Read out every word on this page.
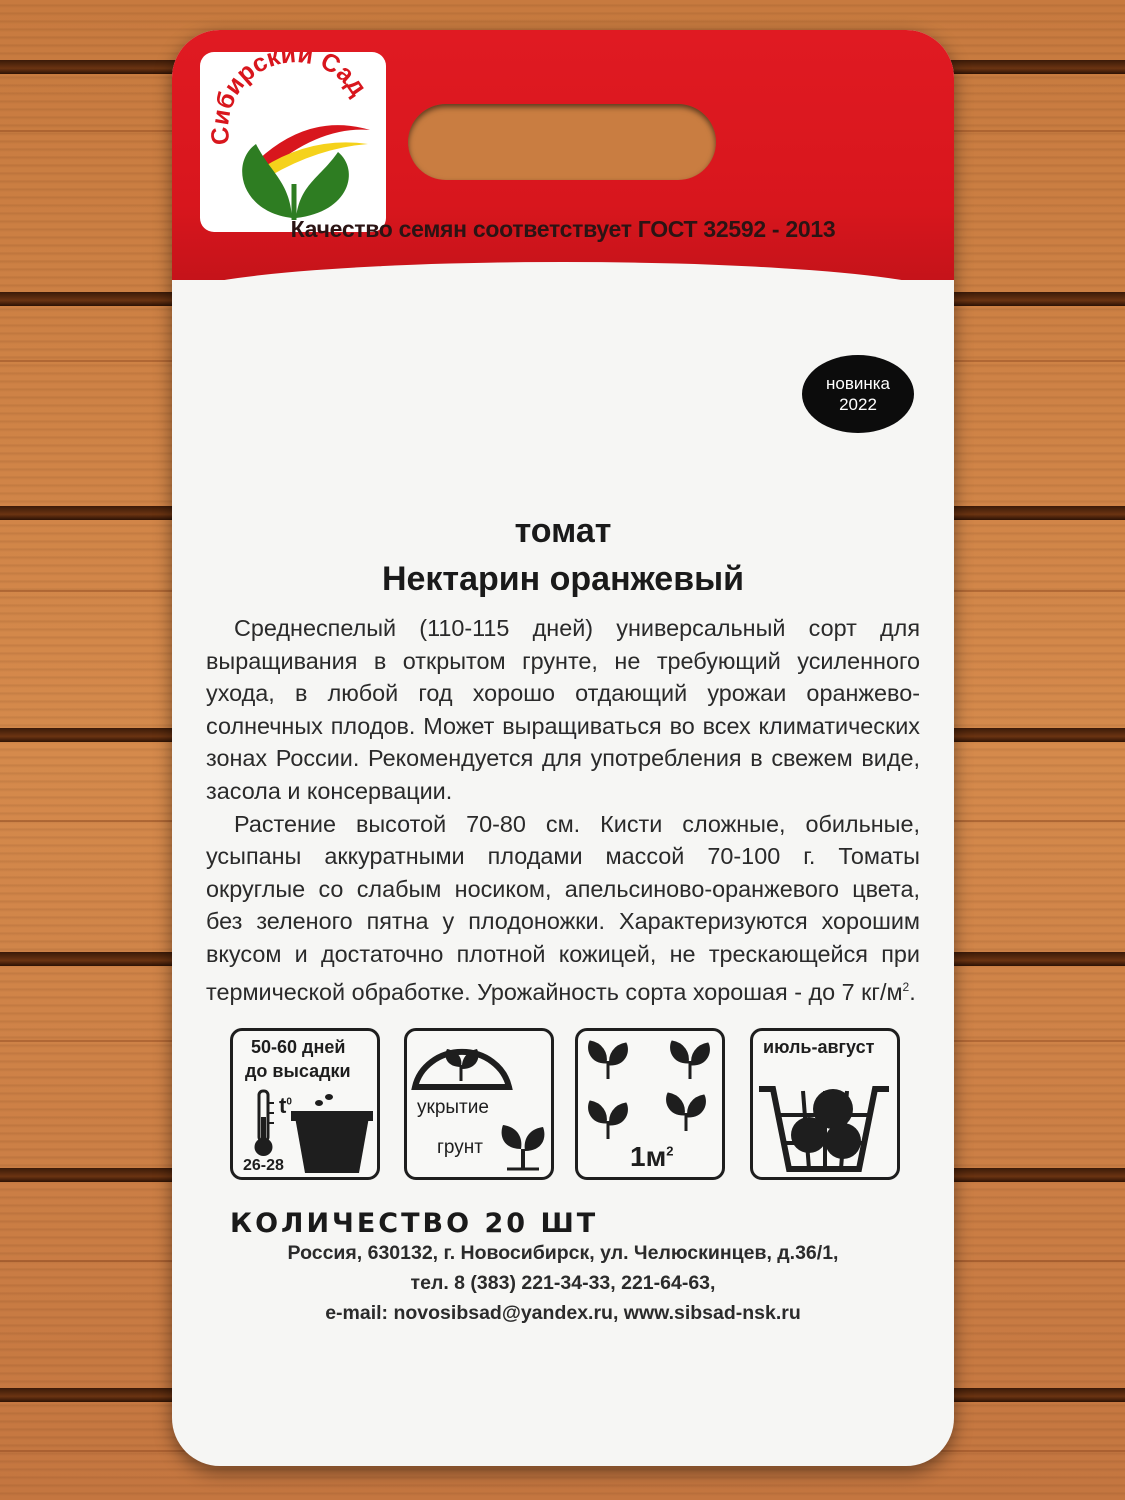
Сибирский Сад
Качество семян соответствует ГОСТ 32592 - 2013
новинка
2022
томат
Нектарин оранжевый

Среднеспелый (110-115 дней) универсальный сорт для выращивания в открытом грунте, не требующий усиленного ухода, в любой год хорошо отдающий урожаи оранжево-солнечных плодов. Может выращиваться во всех климатических зонах России. Рекомендуется для употребления в свежем виде, засола и консервации.

Растение высотой 70-80 см. Кисти сложные, обильные, усыпаны аккуратными плодами массой 70-100 г. Томаты округлые со слабым носиком, апельсиново-оранжевого цвета, без зеленого пятна у плодоножки. Характеризуются хорошим вкусом и достаточно плотной кожицей, не трескающейся при термической обработке. Урожайность сорта хорошая - до 7 $кг/м^2$.

50-60 дней
до высадки
$t^0$
26-28
укрытие
грунт	$1м^2$
июль-август
КОЛИЧЕСТВО 20 ШТ
Россия, 630132, г. Новосибирск, ул. Челюскинцев, д.36/1,
тел. 8 (383) 221-34-33, 221-64-63,
e-mail: novosibsad@yandex.ru, www.sibsad-nsk.ru
